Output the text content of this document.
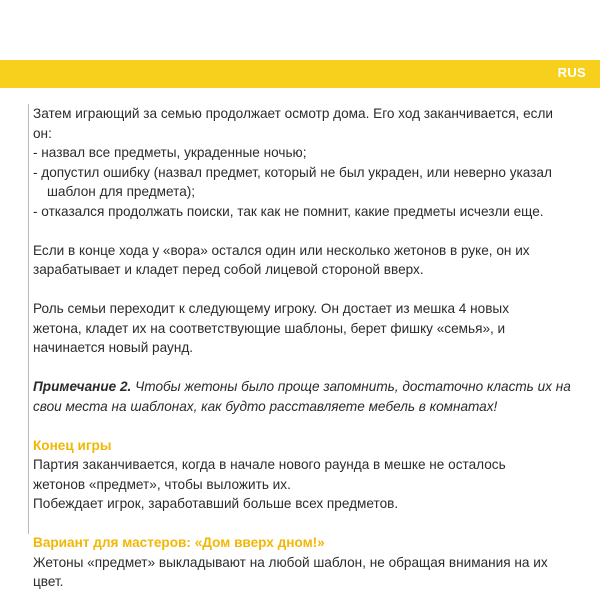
RUS

Затем играющий за семью продолжает осмотр дома. Его ход заканчивается, если
он:
- назвал все предметы, украденные ночью;
- допустил ошибку (назвал предмет, который не был украден, или неверно указал
шаблон для предмета);
- отказался продолжать поиски, так как не помнит, какие предметы исчезли еще.

Если в конце хода у «вора» остался один или несколько жетонов в руке, он их
зарабатывает и кладет перед собой лицевой стороной вверх.

Роль семьи переходит к следующему игроку. Он достает из мешка 4 новых
жетона, кладет их на соответствующие шаблоны, берет фишку «семья», и
начинается новый раунд.

Примечание 2. Чтобы жетоны было проще запомнить, достаточно класть их на
свои места на шаблонах, как будто расставляете мебель в комнатах!

Конец игры
Партия заканчивается, когда в начале нового раунда в мешке не осталось
жетонов «предмет», чтобы выложить их.
Побеждает игрок, заработавший больше всех предметов.

Вариант для мастеров: «Дом вверх дном!»
Жетоны «предмет» выкладывают на любой шаблон, не обращая внимания на их
цвет.
